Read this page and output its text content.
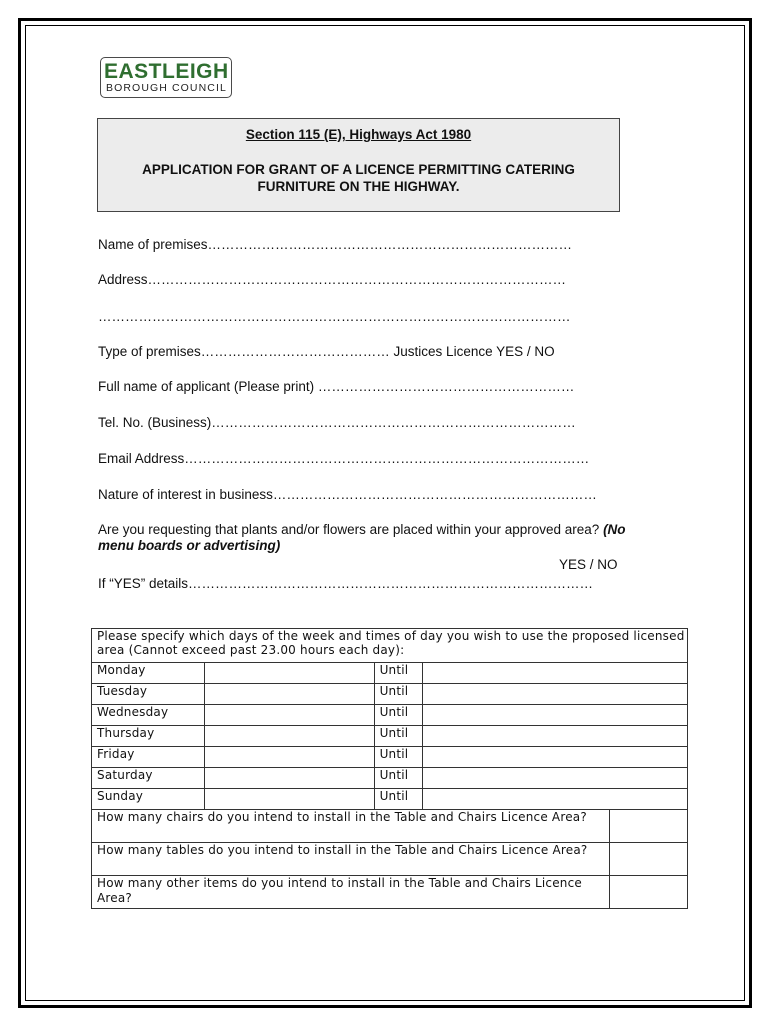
EASTLEIGH
BOROUGH COUNCIL
Section 115 (E), Highways Act 1980
APPLICATION FOR GRANT OF A LICENCE PERMITTING CATERING FURNITURE ON THE HIGHWAY.
Name of premises………………………………………………………………………
Address…………………………………………………………………………………
……………………………………………………………………………………………
Type of premises…………………………………… Justices Licence YES / NO
Full name of applicant (Please print) …………………………………………………
Tel. No. (Business)………………………………………………………………………
Email Address………………………………………………………………………………
Nature of interest in business………………………………………………………………
Are you requesting that plants and/or flowers are placed within your approved area? (No menu boards or advertising)
YES / NO
If “YES” details………………………………………………………………………………
Please specify which days of the week and times of day you wish to use the proposed licensed area (Cannot exceed past 23.00 hours each day):				
Monday		Until		
Tuesday		Until		
Wednesday		Until		
Thursday		Until		
Friday		Until		
Saturday		Until		
Sunday		Until		
How many chairs do you intend to install in the Table and Chairs Licence Area?				
How many tables do you intend to install in the Table and Chairs Licence Area?				
How many other items do you intend to install in the Table and Chairs Licence Area?				
